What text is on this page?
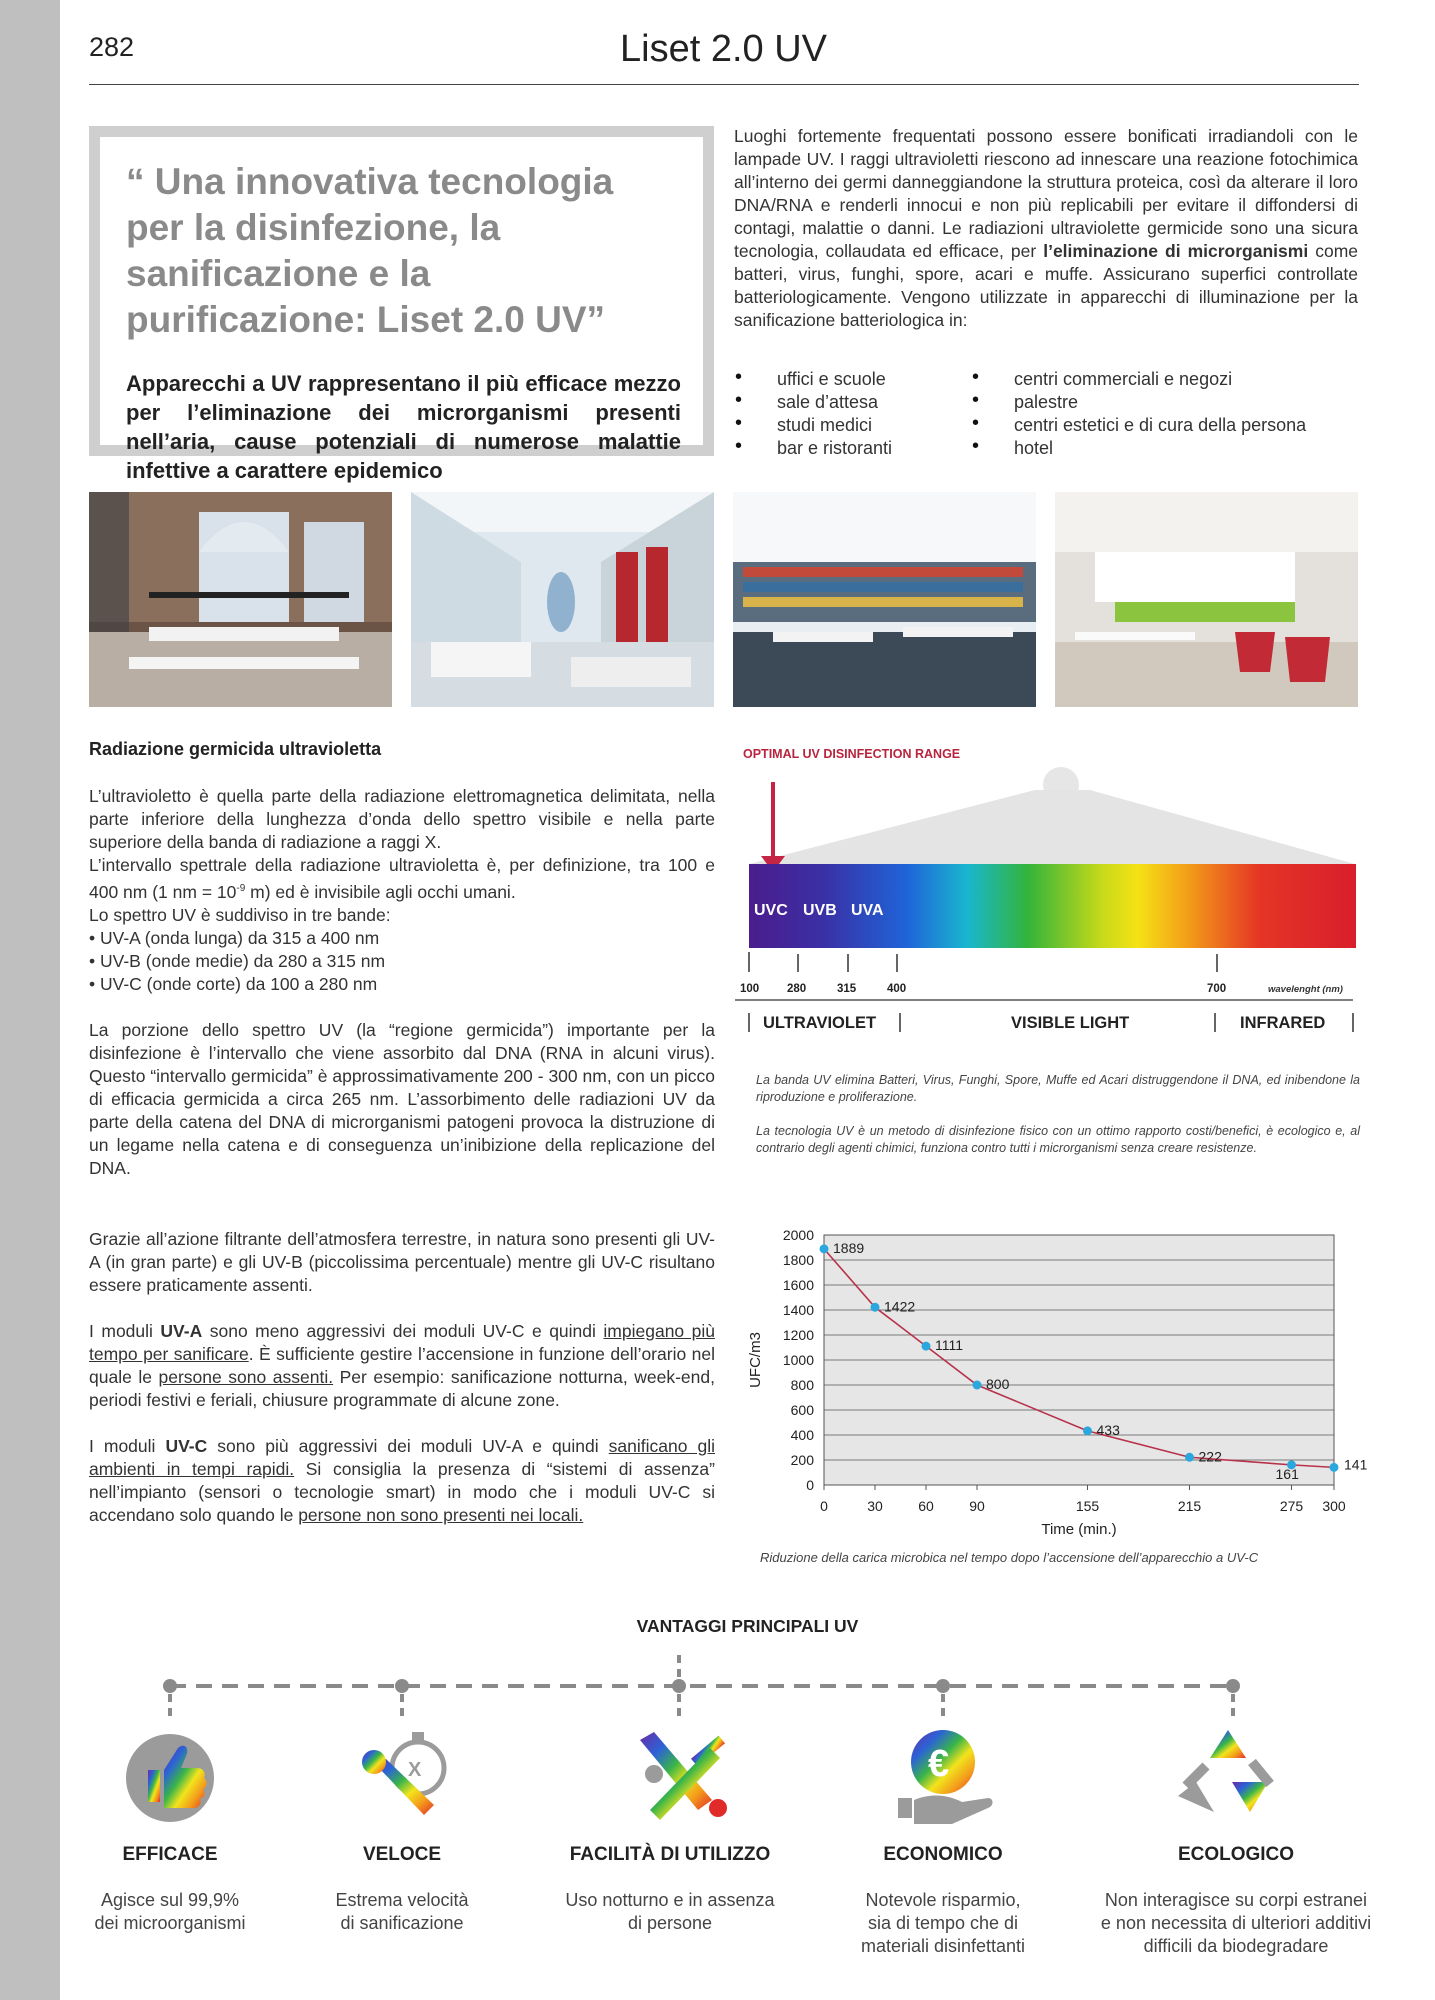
282	Liset 2.0 UV
“ Una innovativa tecnologia per la disinfezione, la sanificazione e la purificazione: Liset 2.0 UV”
Apparecchi a UV rappresentano il più efficace mezzo per l’eliminazione dei microrganismi presenti nell’aria, cause potenziali di numerose malattie infettive a carattere epidemico
Luoghi fortemente frequentati possono essere bonificati irradiandoli con le lampade UV. I raggi ultravioletti riescono ad innescare una reazione fotochimica all’interno dei germi danneggiandone la struttura proteica, così da alterare il loro DNA/RNA e renderli innocui e non più replicabili per evitare il diffondersi di contagi, malattie o danni. Le radiazioni ultraviolette germicide sono una sicura tecnologia, collaudata ed efficace, per l’eliminazione di microrganismi come batteri, virus, funghi, spore, acari e muffe. Assicurano superfici controllate batteriologicamente. Vengono utilizzate in apparecchi di illuminazione per la sanificazione batteriologica in:
• uffici e scuole
• sale d’attesa
• studi medici
• bar e ristoranti
• centri commerciali e negozi
• palestre
• centri estetici e di cura della persona
• hotel
Radiazione germicida ultravioletta
L’ultravioletto è quella parte della radiazione elettromagnetica delimitata, nella parte inferiore della lunghezza d’onda dello spettro visibile e nella parte superiore della banda di radiazione a raggi X.
L’intervallo spettrale della radiazione ultravioletta è, per definizione, tra 100 e 400 nm (1 nm = $10^{-9}$ m) ed è invisibile agli occhi umani.
Lo spettro UV è suddiviso in tre bande:
• UV-A (onda lunga) da 315 a 400 nm
• UV-B (onde medie) da 280 a 315 nm
• UV-C (onde corte) da 100 a 280 nm
La porzione dello spettro UV (la “regione germicida”) importante per la disinfezione è l’intervallo che viene assorbito dal DNA (RNA in alcuni virus). Questo “intervallo germicida” è approssimativamente 200 - 300 nm, con un picco di efficacia germicida a circa 265 nm. L’assorbimento delle radiazioni UV da parte della catena del DNA di microrganismi patogeni provoca la distruzione di un legame nella catena e di conseguenza un’inibizione della replicazione del DNA.
OPTIMAL UV DISINFECTION RANGE
UVC UVB UVA
100 280	315	400	700	wavelenght (nm)
ULTRAVIOLET	VISIBLE LIGHT	INFRARED
La banda UV elimina Batteri, Virus, Funghi, Spore, Muffe ed Acari distruggendone il DNA, ed inibendone la riproduzione e proliferazione.
La tecnologia UV è un metodo di disinfezione fisico con un ottimo rapporto costi/benefici, è ecologico e, al contrario degli agenti chimici, funziona contro tutti i microrganismi senza creare resistenze.

Grazie all’azione filtrante dell’atmosfera terrestre, in natura sono presenti gli UV-A (in gran parte) e gli UV-B (piccolissima percentuale) mentre gli UV-C risultano essere praticamente assenti.

I moduli UV-A sono meno aggressivi dei moduli UV-C e quindi impiegano più tempo per sanificare. È sufficiente gestire l’accensione in funzione dell’orario nel quale le persone sono assenti. Per esempio: sanificazione notturna, week-end, periodi festivi e feriali, chiusure programmate di alcune zone.

I moduli UV-C sono più aggressivi dei moduli UV-A e quindi sanificano gli ambienti in tempi rapidi. Si consiglia la presenza di “sistemi di assenza” nell’impianto (sensori o tecnologie smart) in modo che i moduli UV-C si accendano solo quando le persone non sono presenti nei locali.

0
200
400
600
800
1000
1200
1400
1600
1800
2000
0	30	60	90	155	215	275 300
UFC/m3
Time (min.)
1889
1422
1111
800
433
222
161
141
Riduzione della carica microbica nel tempo dopo l’accensione dell’apparecchio a UV-C
VANTAGGI PRINCIPALI UV
X	€
EFFICACE	VELOCE	FACILITÀ DI UTILIZZO	ECONOMICO	ECOLOGICO
Agisce sul 99,9%
dei microorganismi
Estrema velocità
di sanificazione
Uso notturno e in assenza
di persone
Notevole risparmio,
sia di tempo che di
materiali disinfettanti
Non interagisce su corpi estranei
e non necessita di ulteriori additivi
difficili da biodegradare
